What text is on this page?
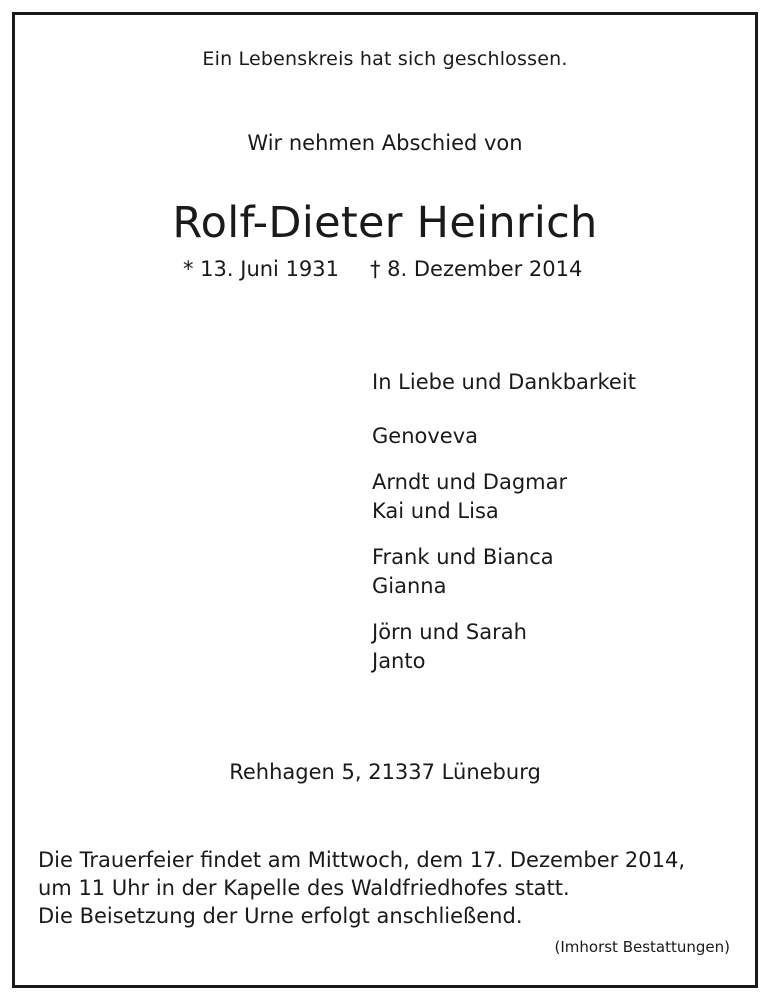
Ein Lebenskreis hat sich geschlossen.
Wir nehmen Abschied von
Rolf-Dieter Heinrich
* 13. Juni 1931 † 8. Dezember 2014
In Liebe und Dankbarkeit
Genoveva
Arndt und Dagmar
Kai und Lisa
Frank und Bianca
Gianna
Jörn und Sarah
Janto
Rehhagen 5, 21337 Lüneburg
Die Trauerfeier findet am Mittwoch, dem 17. Dezember 2014,
um 11 Uhr in der Kapelle des Waldfriedhofes statt.
Die Beisetzung der Urne erfolgt anschließend.
(Imhorst Bestattungen)
